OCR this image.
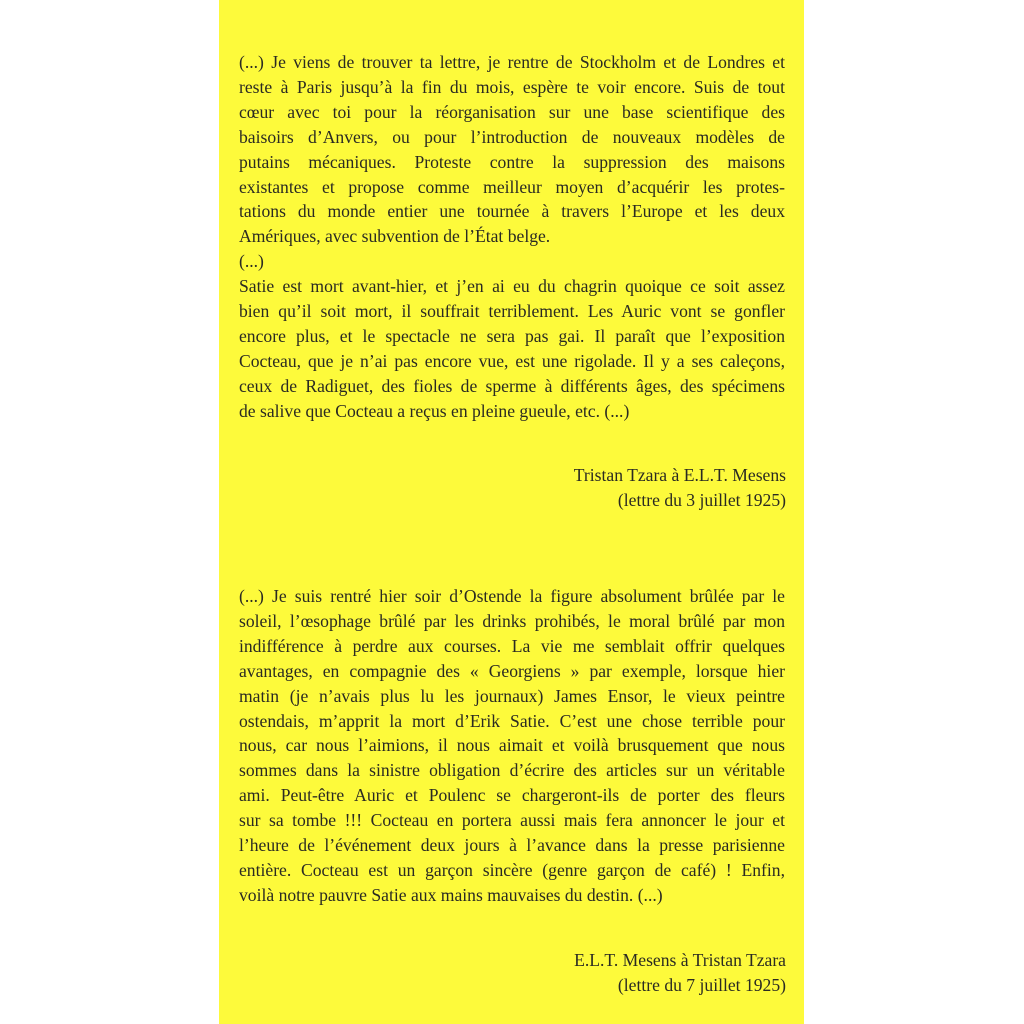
(...) Je viens de trouver ta lettre, je rentre de Stockholm et de Londres et
reste à Paris jusqu’à la fin du mois, espère te voir encore. Suis de tout
cœur avec toi pour la réorganisation sur une base scientifique des
baisoirs d’Anvers, ou pour l’introduction de nouveaux modèles de
putains mécaniques. Proteste contre la suppression des maisons
existantes et propose comme meilleur moyen d’acquérir les protes-
tations du monde entier une tournée à travers l’Europe et les deux
Amériques, avec subvention de l’État belge.
(...)
Satie est mort avant-hier, et j’en ai eu du chagrin quoique ce soit assez
bien qu’il soit mort, il souffrait terriblement. Les Auric vont se gonfler
encore plus, et le spectacle ne sera pas gai. Il paraît que l’exposition
Cocteau, que je n’ai pas encore vue, est une rigolade. Il y a ses caleçons,
ceux de Radiguet, des fioles de sperme à différents âges, des spécimens
de salive que Cocteau a reçus en pleine gueule, etc. (...)
Tristan Tzara à E.L.T. Mesens
(lettre du 3 juillet 1925)
(...) Je suis rentré hier soir d’Ostende la figure absolument brûlée par le
soleil, l’œsophage brûlé par les drinks prohibés, le moral brûlé par mon
indifférence à perdre aux courses. La vie me semblait offrir quelques
avantages, en compagnie des « Georgiens » par exemple, lorsque hier
matin (je n’avais plus lu les journaux) James Ensor, le vieux peintre
ostendais, m’apprit la mort d’Erik Satie. C’est une chose terrible pour
nous, car nous l’aimions, il nous aimait et voilà brusquement que nous
sommes dans la sinistre obligation d’écrire des articles sur un véritable
ami. Peut-être Auric et Poulenc se chargeront-ils de porter des fleurs
sur sa tombe !!! Cocteau en portera aussi mais fera annoncer le jour et
l’heure de l’événement deux jours à l’avance dans la presse parisienne
entière. Cocteau est un garçon sincère (genre garçon de café) ! Enfin,
voilà notre pauvre Satie aux mains mauvaises du destin. (...)
E.L.T. Mesens à Tristan Tzara
(lettre du 7 juillet 1925)
